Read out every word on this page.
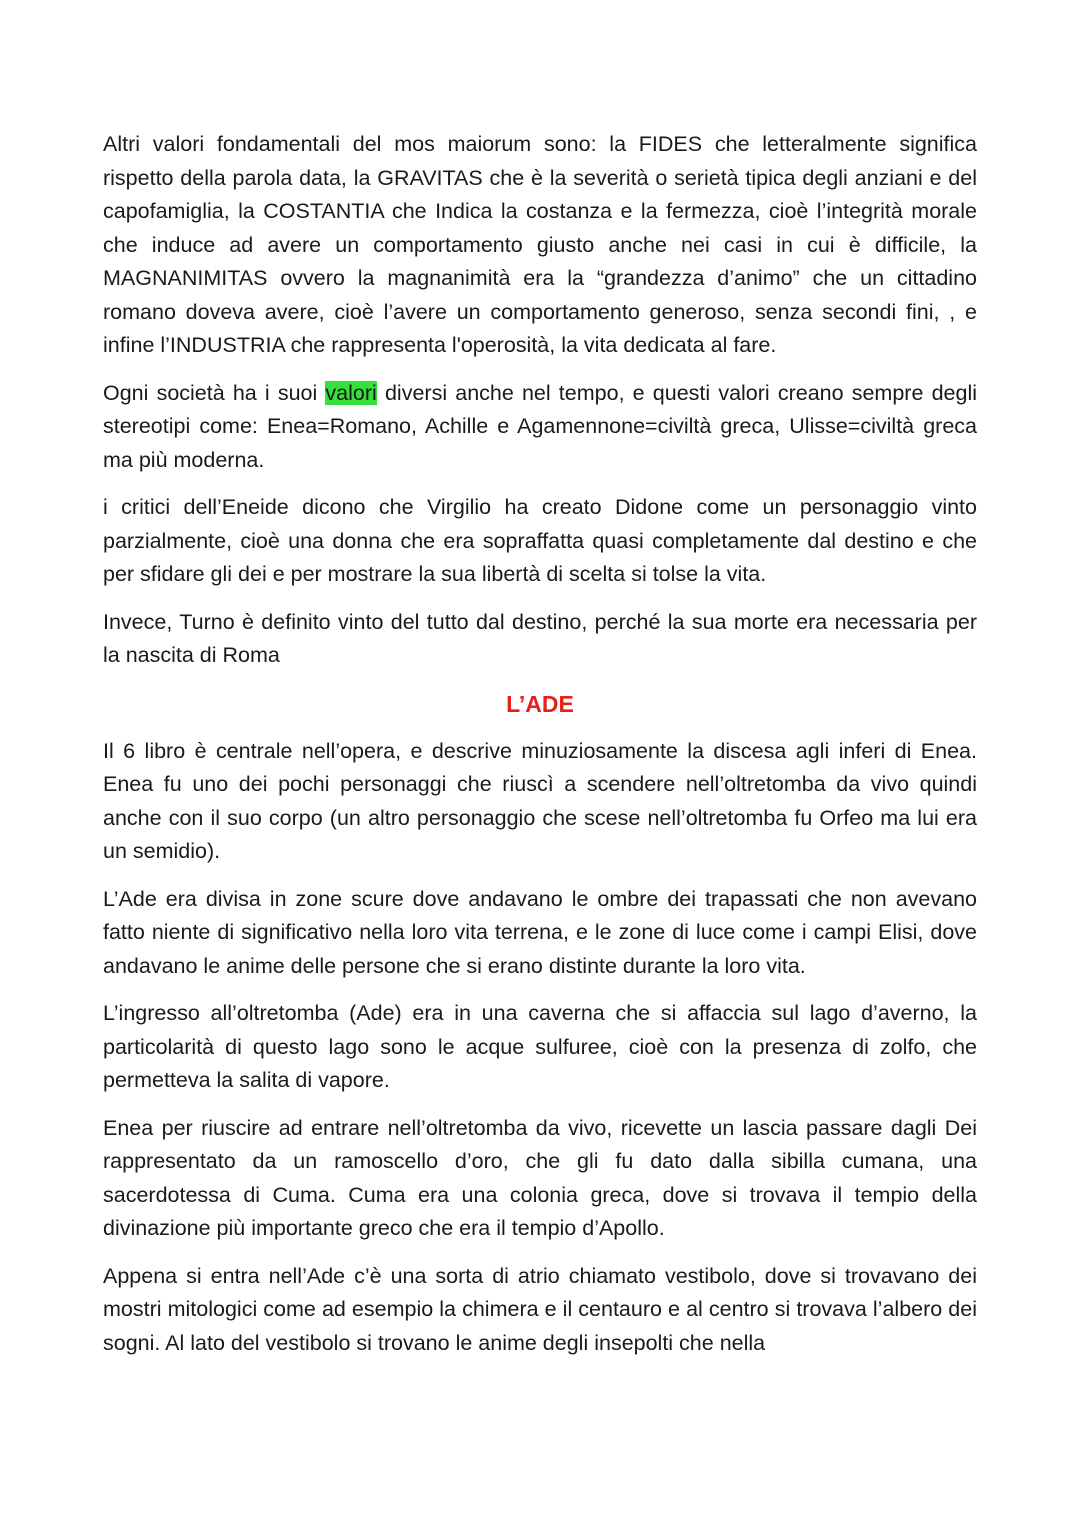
Altri valori fondamentali del mos maiorum sono: la FIDES che letteralmente significa rispetto della parola data, la GRAVITAS che è la severità o serietà tipica degli anziani e del capofamiglia, la COSTANTIA che Indica la costanza e la fermezza, cioè l’integrità morale che induce ad avere un comportamento giusto anche nei casi in cui è difficile, la MAGNANIMITAS ovvero la magnanimità era la “grandezza d’animo” che un cittadino romano doveva avere, cioè l’avere un comportamento generoso, senza secondi fini, , e infine l’INDUSTRIA che rappresenta l'operosità, la vita dedicata al fare.

Ogni società ha i suoi valori diversi anche nel tempo, e questi valori creano sempre degli stereotipi come: Enea=Romano, Achille e Agamennone=civiltà greca, Ulisse=civiltà greca ma più moderna.

i critici dell’Eneide dicono che Virgilio ha creato Didone come un personaggio vinto parzialmente, cioè una donna che era sopraffatta quasi completamente dal destino e che per sfidare gli dei e per mostrare la sua libertà di scelta si tolse la vita.

Invece, Turno è definito vinto del tutto dal destino, perché la sua morte era necessaria per la nascita di Roma

L’ADE

Il 6 libro è centrale nell’opera, e descrive minuziosamente la discesa agli inferi di Enea. Enea fu uno dei pochi personaggi che riuscì a scendere nell’oltretomba da vivo quindi anche con il suo corpo (un altro personaggio che scese nell’oltretomba fu Orfeo ma lui era un semidio).

L’Ade era divisa in zone scure dove andavano le ombre dei trapassati che non avevano fatto niente di significativo nella loro vita terrena, e le zone di luce come i campi Elisi, dove andavano le anime delle persone che si erano distinte durante la loro vita.

L’ingresso all’oltretomba (Ade) era in una caverna che si affaccia sul lago d’averno, la particolarità di questo lago sono le acque sulfuree, cioè con la presenza di zolfo, che permetteva la salita di vapore.

Enea per riuscire ad entrare nell’oltretomba da vivo, ricevette un lascia passare dagli Dei rappresentato da un ramoscello d’oro, che gli fu dato dalla sibilla cumana, una sacerdotessa di Cuma. Cuma era una colonia greca, dove si trovava il tempio della divinazione più importante greco che era il tempio d’Apollo.

Appena si entra nell’Ade c’è una sorta di atrio chiamato vestibolo, dove si trovavano dei mostri mitologici come ad esempio la chimera e il centauro e al centro si trovava l’albero dei sogni. Al lato del vestibolo si trovano le anime degli insepolti che nella
